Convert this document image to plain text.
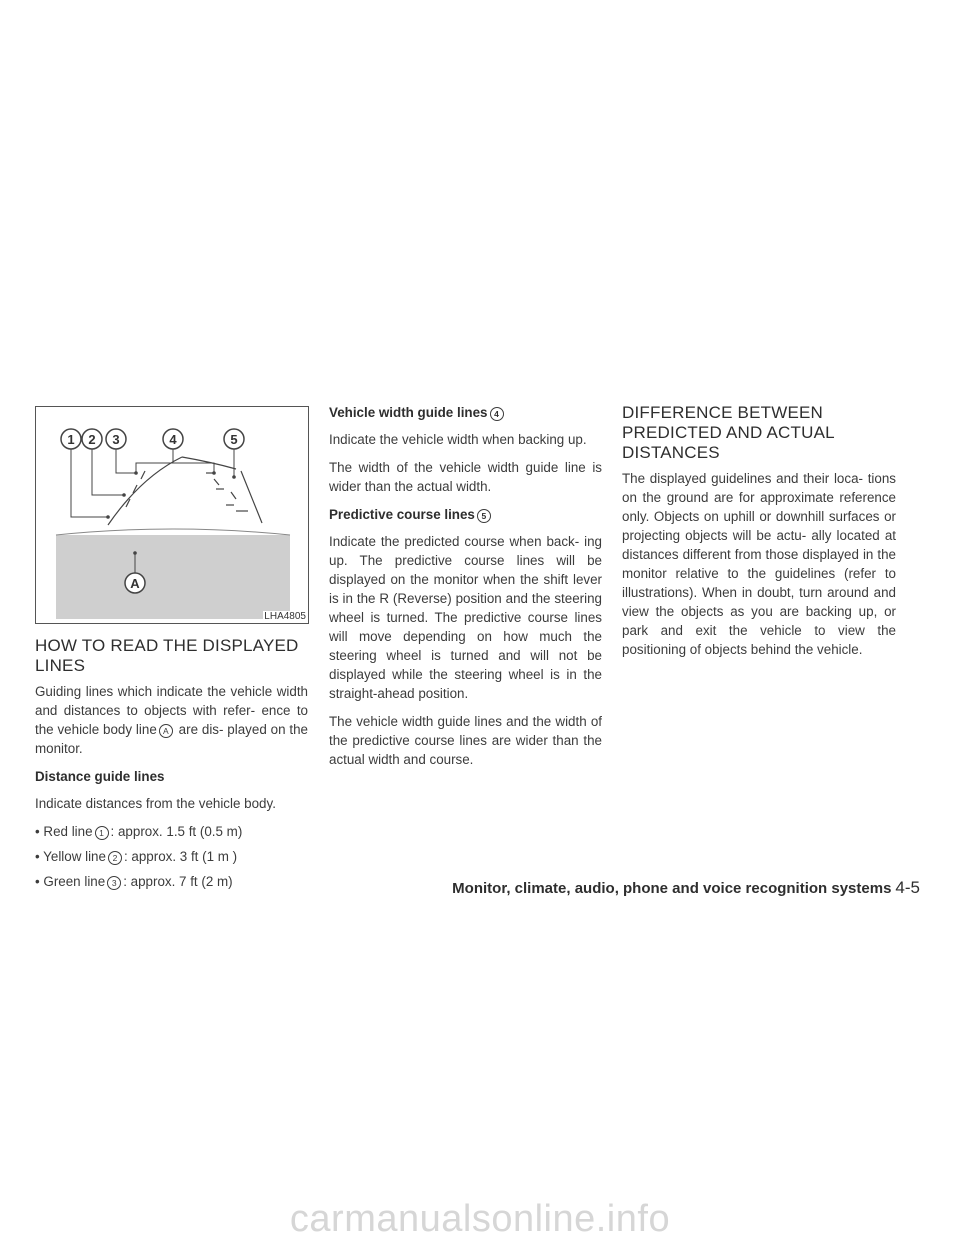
1 2 3	4	5
A
LHA4805
HOW TO READ THE DISPLAYED LINES

Guiding lines which indicate the vehicle width and distances to objects with refer- ence to the vehicle body line A are dis- played on the monitor.

Distance guide lines

Indicate distances from the vehicle body.

• Red line 1 : approx. 1.5 ft (0.5 m)
• Yellow line 2 : approx. 3 ft (1 m )
• Green line 3 : approx. 7 ft (2 m)
Vehicle width guide lines 4

Indicate the vehicle width when backing up.

The width of the vehicle width guide line is wider than the actual width.

Predictive course lines 5

Indicate the predicted course when back- ing up. The predictive course lines will be displayed on the monitor when the shift lever is in the R (Reverse) position and the steering wheel is turned. The predictive course lines will move depending on how much the steering wheel is turned and will not be displayed while the steering wheel is in the straight-ahead position.

The vehicle width guide lines and the width of the predictive course lines are wider than the actual width and course.

DIFFERENCE BETWEEN PREDICTED AND ACTUAL DISTANCES

The displayed guidelines and their loca- tions on the ground are for approximate reference only. Objects on uphill or downhill surfaces or projecting objects will be actu- ally located at distances different from those displayed in the monitor relative to the guidelines (refer to illustrations). When in doubt, turn around and view the objects as you are backing up, or park and exit the vehicle to view the positioning of objects behind the vehicle.

Monitor, climate, audio, phone and voice recognition systems 4-5
carmanualsonline.info
